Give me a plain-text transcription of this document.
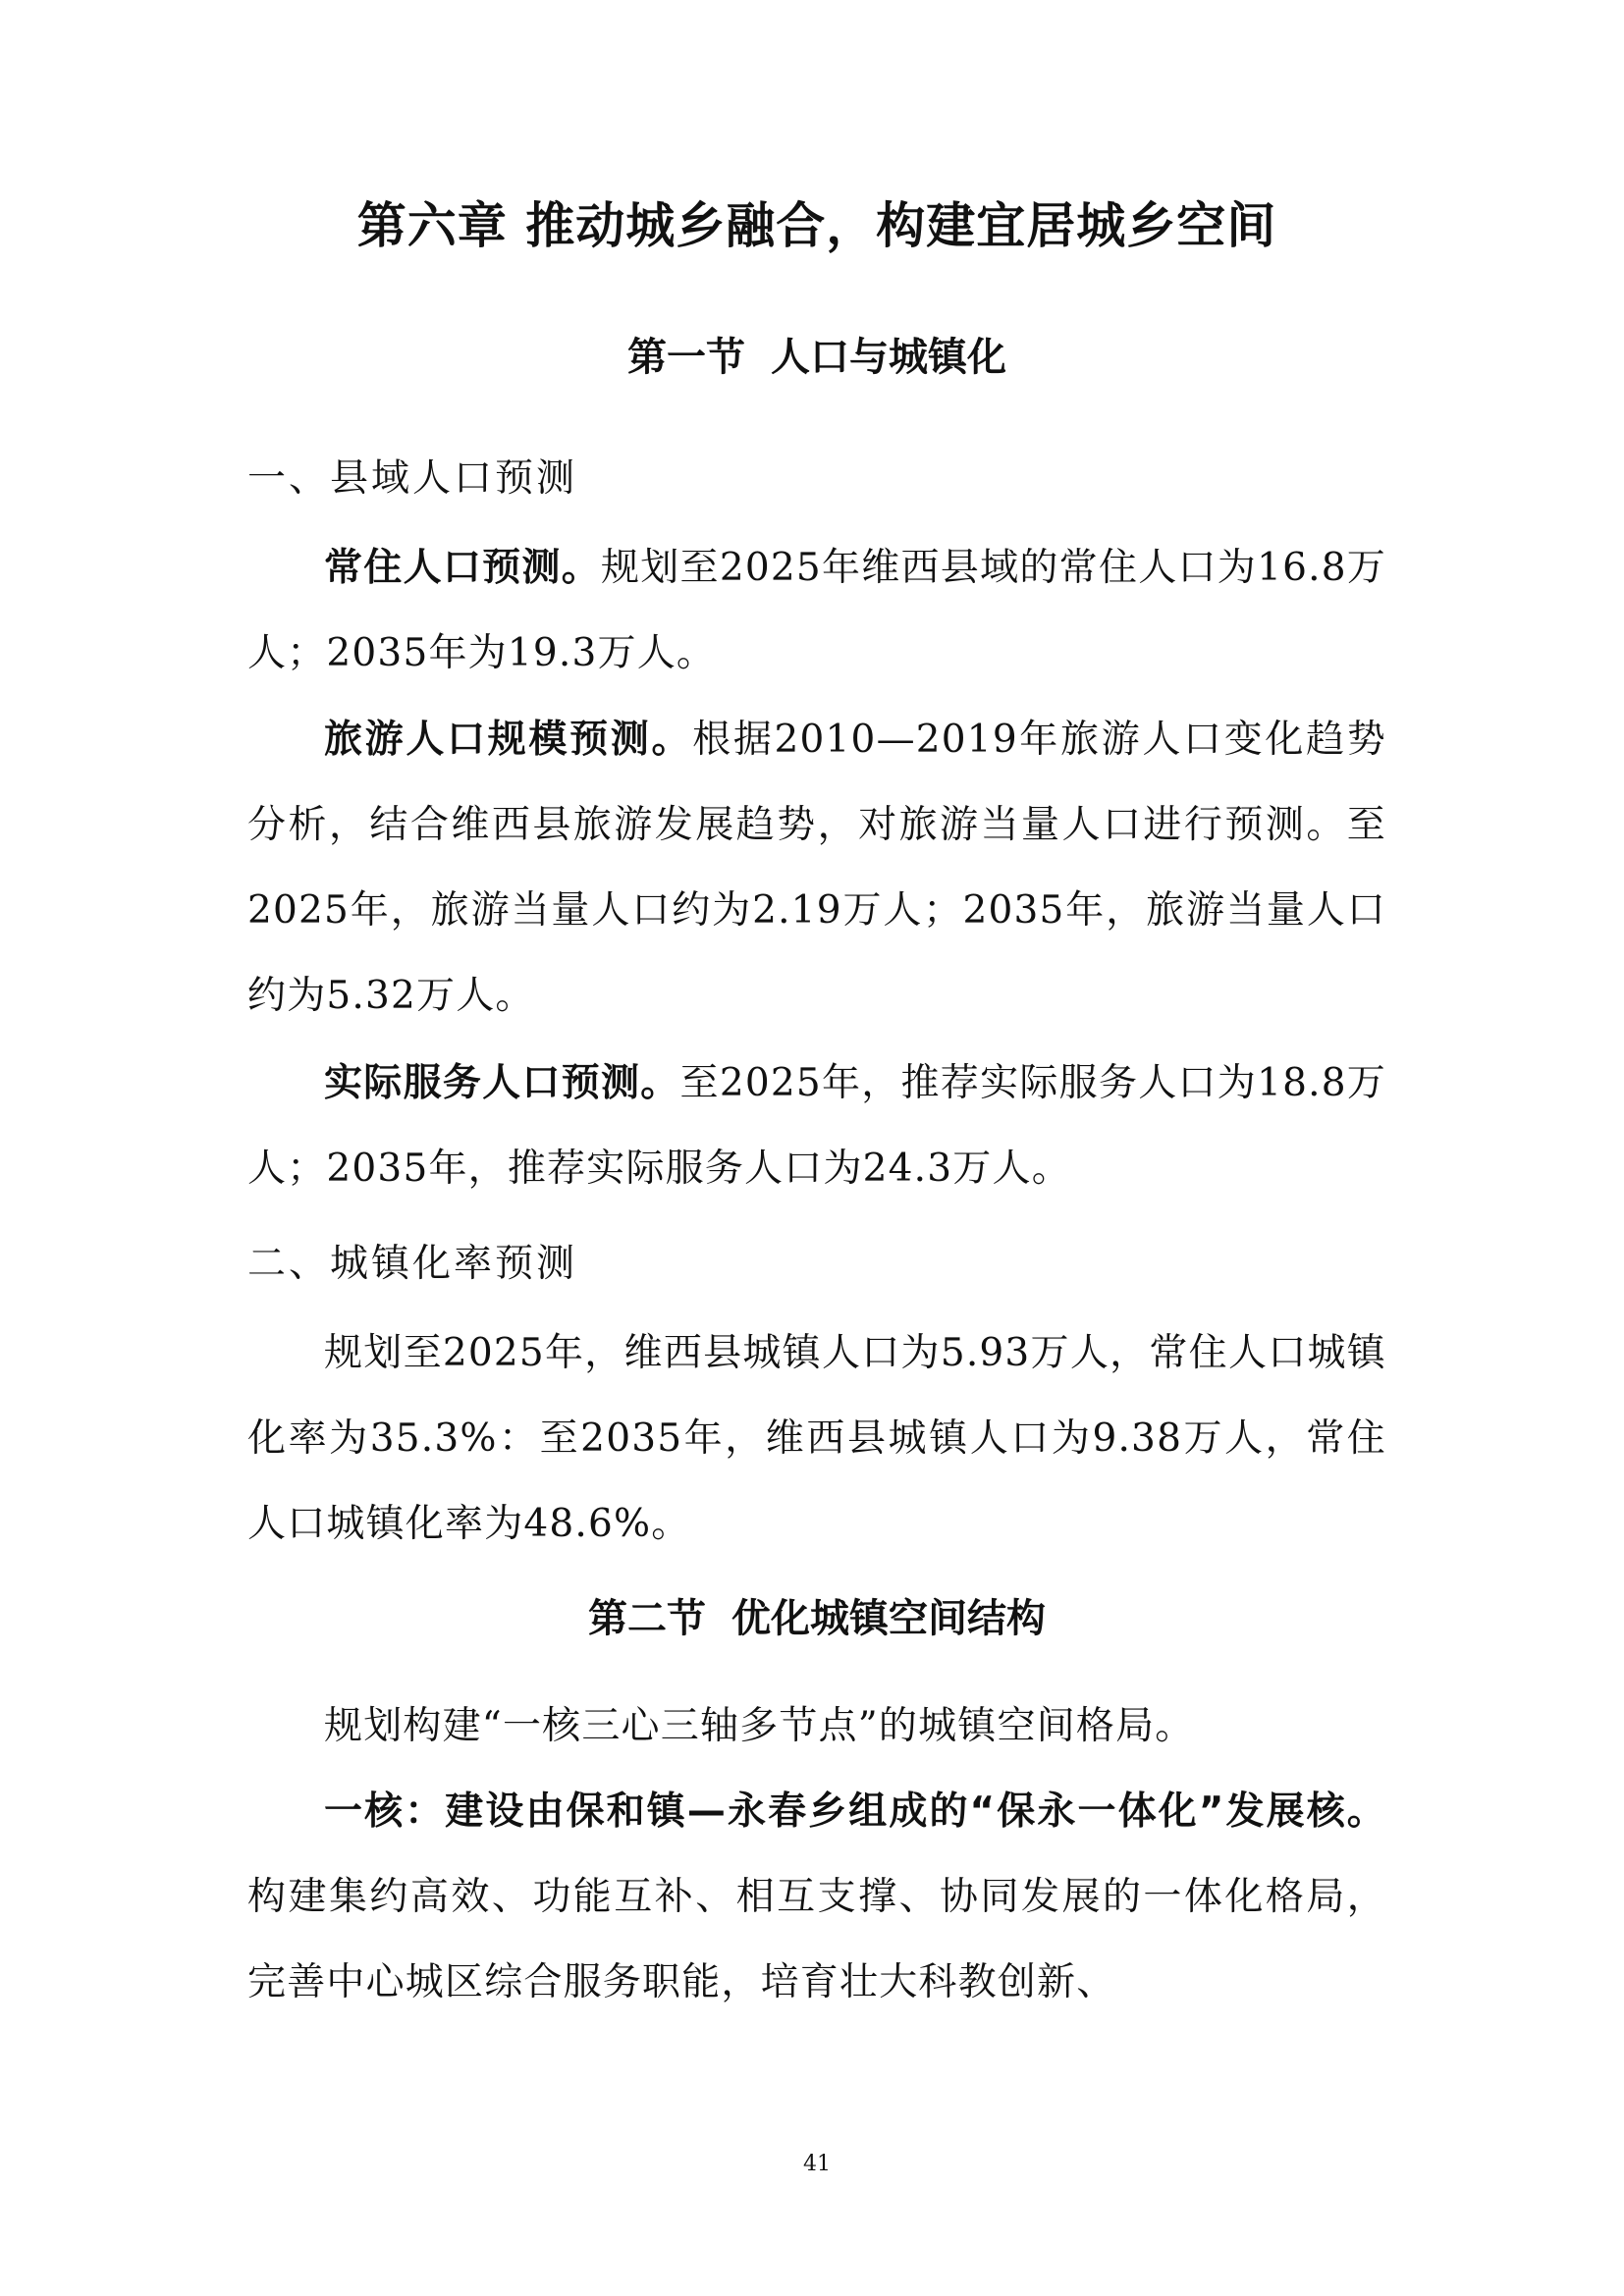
第六章 推动城乡融合，构建宜居城乡空间
第一节 人口与城镇化
一、县域人口预测

常住人口预测。规划至2025年维西县域的常住人口为16.8万人；2035年为19.3万人。

旅游人口规模预测。根据2010—2019年旅游人口变化趋势分析，结合维西县旅游发展趋势，对旅游当量人口进行预测。至2025年，旅游当量人口约为2.19万人；2035年，旅游当量人口约为5.32万人。

实际服务人口预测。至2025年，推荐实际服务人口为18.8万人；2035年，推荐实际服务人口为24.3万人。

二、城镇化率预测

规划至2025年，维西县城镇人口为5.93万人，常住人口城镇化率为35.3%：至2035年，维西县城镇人口为9.38万人，常住人口城镇化率为48.6%。

第二节 优化城镇空间结构

规划构建“一核三心三轴多节点”的城镇空间格局。

一核：建设由保和镇—永春乡组成的“保永一体化”发展核。构建集约高效、功能互补、相互支撑、协同发展的一体化格局，完善中心城区综合服务职能，培育壮大科教创新、

41
